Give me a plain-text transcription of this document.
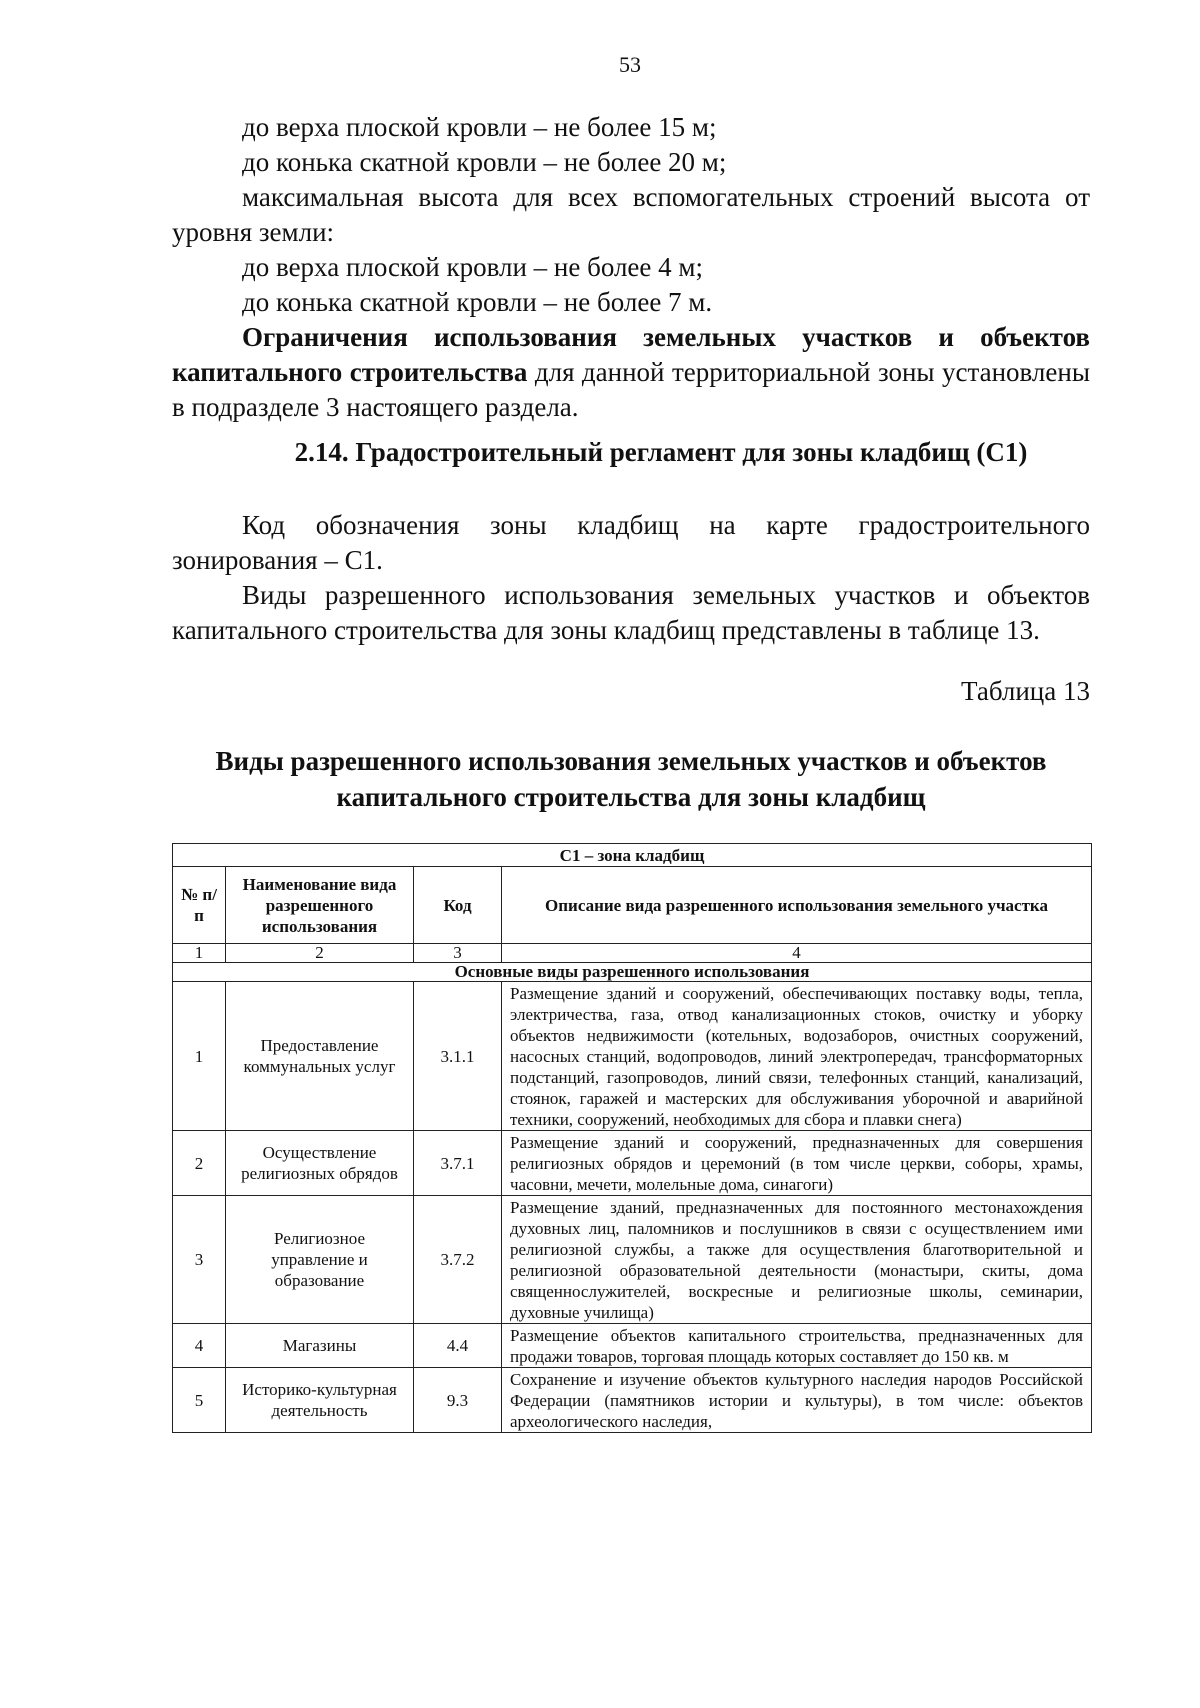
53

до верха плоской кровли – не более 15 м;

до конька скатной кровли – не более 20 м;

максимальная высота для всех вспомогательных строений высота от уровня земли:

до верха плоской кровли – не более 4 м;

до конька скатной кровли – не более 7 м.

Ограничения использования земельных участков и объектов капитального строительства для данной территориальной зоны установлены в подразделе 3 настоящего раздела.

2.14. Градостроительный регламент для зоны кладбищ (С1)

Код обозначения зоны кладбищ на карте градостроительного зонирования – С1.

Виды разрешенного использования земельных участков и объектов капитального строительства для зоны кладбищ представлены в таблице 13.

Таблица 13
Виды разрешенного использования земельных участков и объектов
капитального строительства для зоны кладбищ
С1 – зона кладбищ			
№ п/п	Наименование вида разрешенного использования	Код	Описание вида разрешенного использования земельного участка
1	2	3	4
Основные виды разрешенного использования			
1	Предоставление коммунальных услуг	3.1.1	Размещение зданий и сооружений, обеспечивающих поставку воды, тепла, электричества, газа, отвод канализационных стоков, очистку и уборку объектов недвижимости (котельных, водозаборов, очистных сооружений, насосных станций, водопроводов, линий электропередач, трансформаторных подстанций, газопроводов, линий связи, телефонных станций, канализаций, стоянок, гаражей и мастерских для обслуживания уборочной и аварийной техники, сооружений, необходимых для сбора и плавки снега)
2	Осуществление религиозных обрядов	3.7.1	Размещение зданий и сооружений, предназначенных для совершения религиозных обрядов и церемоний (в том числе церкви, соборы, храмы, часовни, мечети, молельные дома, синагоги)
3	Религиозное управление и образование	3.7.2	Размещение зданий, предназначенных для постоянного местонахождения духовных лиц, паломников и послушников в связи с осуществлением ими религиозной службы, а также для осуществления благотворительной и религиозной образовательной деятельности (монастыри, скиты, дома священнослужителей, воскресные и религиозные школы, семинарии, духовные училища)
4	Магазины	4.4	Размещение объектов капитального строительства, предназначенных для продажи товаров, торговая площадь которых составляет до 150 кв. м
5	Историко-культурная деятельность	9.3	Сохранение и изучение объектов культурного наследия народов Российской Федерации (памятников истории и культуры), в том числе: объектов археологического наследия,
